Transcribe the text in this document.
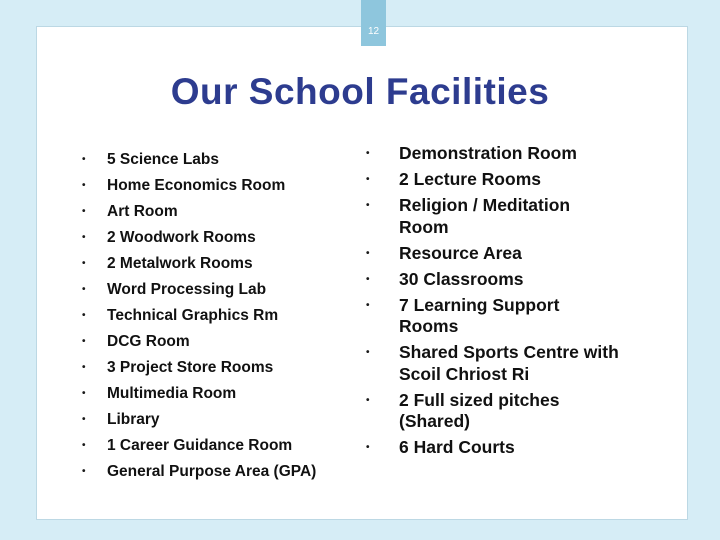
12
Our School Facilities
• 5 Science Labs
• Home Economics Room
• Art Room
• 2 Woodwork Rooms
• 2 Metalwork Rooms
• Word Processing Lab
• Technical Graphics Rm
• DCG Room
• 3 Project Store Rooms
• Multimedia Room
• Library
• 1 Career Guidance Room
• General Purpose Area (GPA)
• Demonstration Room
• 2 Lecture Rooms
• Religion / Meditation Room
• Resource Area
• 30 Classrooms
• 7 Learning Support Rooms
• Shared Sports Centre with Scoil Chriost Ri
• 2 Full sized pitches (Shared)
• 6 Hard Courts
